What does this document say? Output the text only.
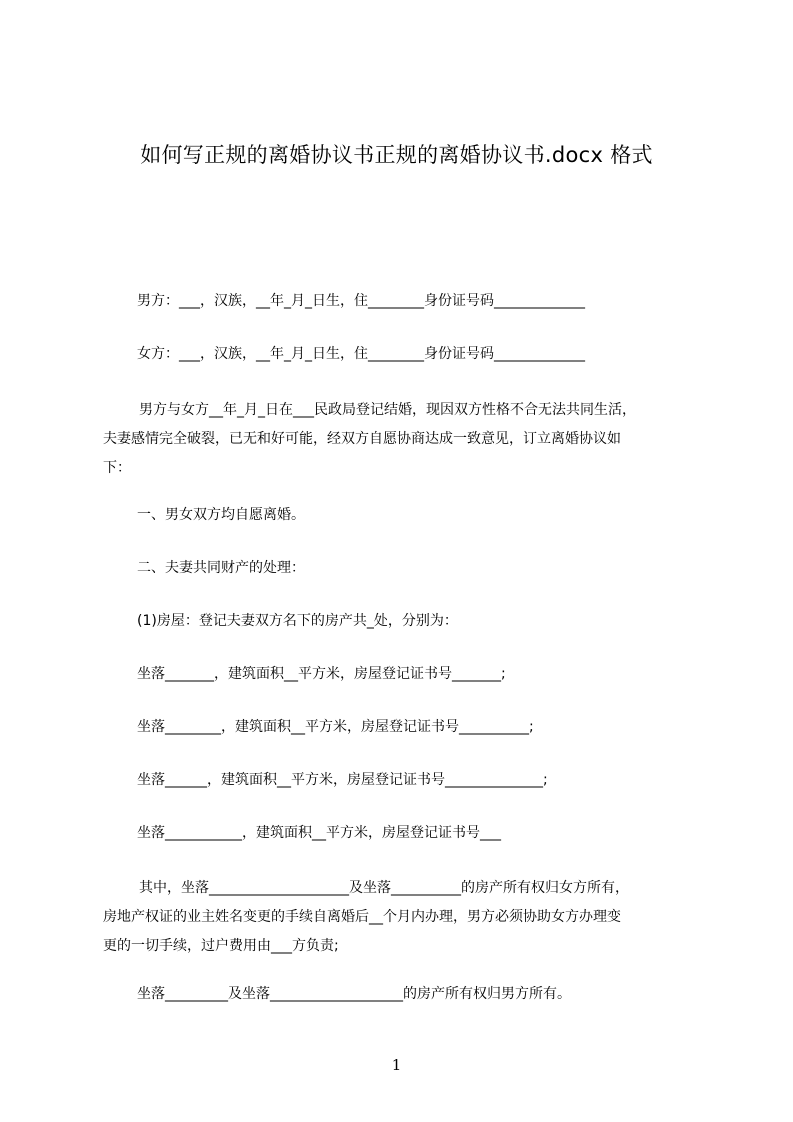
如何写正规的离婚协议书正规的离婚协议书.docx 格式
男方：___，汉族，__年_月_日生，住________身份证号码_____________
女方：___，汉族，__年_月_日生，住________身份证号码_____________
男方与女方__年_月_日在___民政局登记结婚，现因双方性格不合无法共同生活，
夫妻感情完全破裂，已无和好可能，经双方自愿协商达成一致意见，订立离婚协议如
下：
一、男女双方均自愿离婚。
二、夫妻共同财产的处理：
(1)房屋：登记夫妻双方名下的房产共_处，分别为：
坐落_______，建筑面积__平方米，房屋登记证书号_______;
坐落________，建筑面积__平方米，房屋登记证书号__________;
坐落______，建筑面积__平方米，房屋登记证书号______________;
坐落___________，建筑面积__平方米，房屋登记证书号___
其中，坐落____________________及坐落__________的房产所有权归女方所有，
房地产权证的业主姓名变更的手续自离婚后__个月内办理，男方必须协助女方办理变
更的一切手续，过户费用由___方负责;
坐落_________及坐落___________________的房产所有权归男方所有。
1
